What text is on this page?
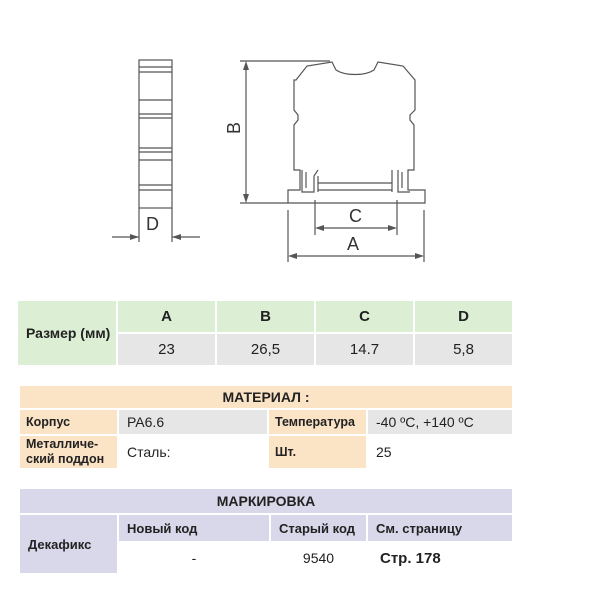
D
B
C
A
Размер (мм)	A	B	C	D
	23	26,5	14.7	5,8
МАТЕРИАЛ :			
Корпус	PA6.6	Температура	-40 ºC, +140 ºC
Металличе-
ский поддон	Сталь:	Шт.	25
МАРКИРОВКА			
Декафикс	Новый код	Старый код	См. страницу
	-	9540	Стр. 178
